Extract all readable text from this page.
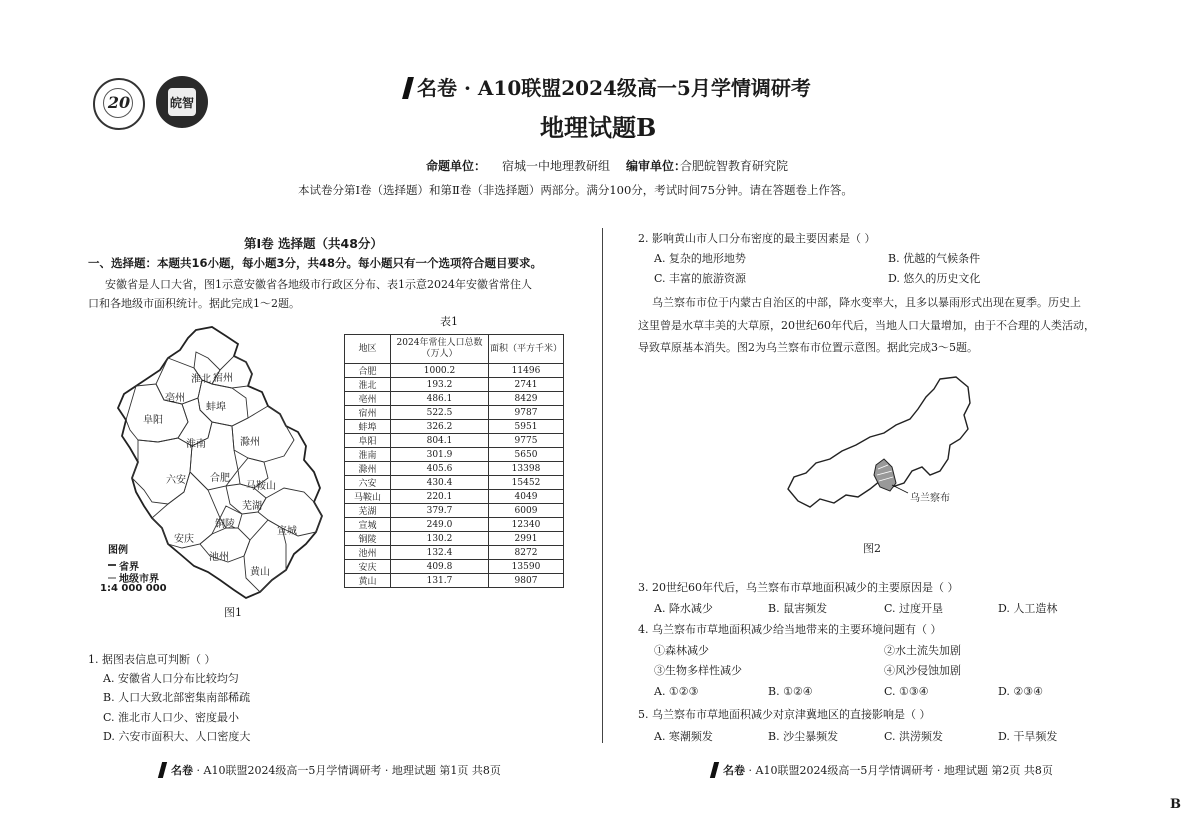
20	皖智
名卷 · A10联盟2024级高一5月学情调研考
地理试题B
命题单位： 宿城一中地理教研组 编审单位：
合肥皖智教育研究院
本试卷分第Ⅰ卷（选择题）和第Ⅱ卷（非选择题）两部分。满分100分，考试时间75分钟。请在答题卷上作答。
第Ⅰ卷 选择题（共48分）
一、选择题：本题共16小题，每小题3分，共48分。每小题只有一个选项符合题目要求。
安徽省是人口大省，图1示意安徽省各地级市行政区分布、表1示意2024年安徽省常住人
口和各地级市面积统计。据此完成1～2题。
淮北 宿州
亳州
蚌埠
阜阳
淮南	滁州
六安 合肥
马鞍山
芜湖
铜陵
宣城
安庆
池州
黄山
图例
省界
地级市界
1:4 000 000
图1
表1
地区	2024年常住人口总数（万人）	面积（平方千米）
合肥	1000.2	11496
淮北	193.2	2741
亳州	486.1	8429
宿州	522.5	9787
蚌埠	326.2	5951
阜阳	804.1	9775
淮南	301.9	5650
滁州	405.6	13398
六安	430.4	15452
马鞍山	220.1	4049
芜湖	379.7	6009
宣城	249.0	12340
铜陵	130.2	2991
池州	132.4	8272
安庆	409.8	13590
黄山	131.7	9807
1. 据图表信息可判断（ ）
A. 安徽省人口分布比较均匀
B. 人口大致北部密集南部稀疏
C. 淮北市人口少、密度最小
D. 六安市面积大、人口密度大
2. 影响黄山市人口分布密度的最主要因素是（ ）
A. 复杂的地形地势	B. 优越的气候条件
C. 丰富的旅游资源	D. 悠久的历史文化
乌兰察布市位于内蒙古自治区的中部，降水变率大，且多以暴雨形式出现在夏季。历史上
这里曾是水草丰美的大草原，20世纪60年代后，当地人口大量增加，由于不合理的人类活动，
导致草原基本消失。图2为乌兰察布市位置示意图。据此完成3～5题。
乌兰察布
图2
3. 20世纪60年代后，乌兰察布市草地面积减少的主要原因是（ ）
A. 降水减少	B. 鼠害频发	C. 过度开垦	D. 人工造林
4. 乌兰察布市草地面积减少给当地带来的主要环境问题有（ ）
①森林减少	②水土流失加剧
③生物多样性减少	④风沙侵蚀加剧
A. ①②③	B. ①②④	C. ①③④	D. ②③④
5. 乌兰察布市草地面积减少对京津冀地区的直接影响是（ ）
A. 寒潮频发	B. 沙尘暴频发	C. 洪涝频发	D. 干旱频发
名卷 · A10联盟2024级高一5月学情调研考 · 地理试题 第1页 共8页	名卷 · A10联盟2024级高一5月学情调研考 · 地理试题 第2页 共8页
B
